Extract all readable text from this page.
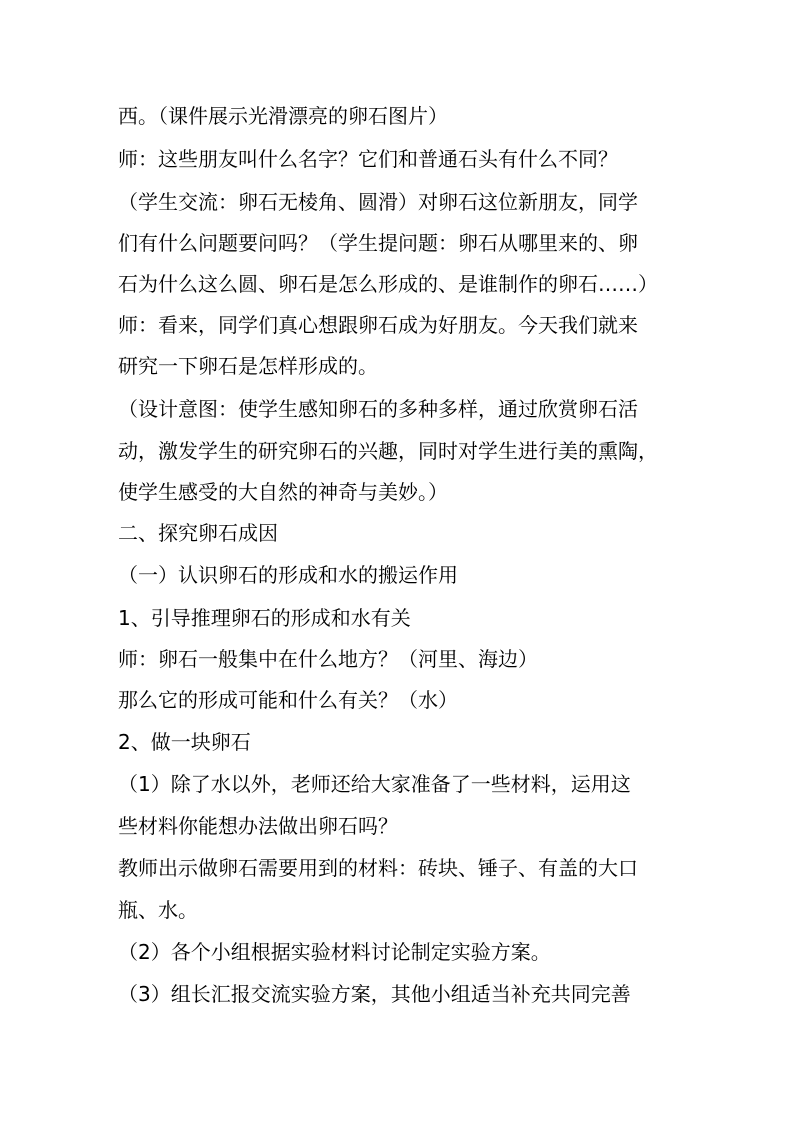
西。（课件展示光滑漂亮的卵石图片）
师：这些朋友叫什么名字？它们和普通石头有什么不同？
（学生交流：卵石无棱角、圆滑）对卵石这位新朋友，同学
们有什么问题要问吗？（学生提问题：卵石从哪里来的、卵
石为什么这么圆、卵石是怎么形成的、是谁制作的卵石……）
师：看来，同学们真心想跟卵石成为好朋友。今天我们就来
研究一下卵石是怎样形成的。
（设计意图：使学生感知卵石的多种多样，通过欣赏卵石活
动，激发学生的研究卵石的兴趣，同时对学生进行美的熏陶，
使学生感受的大自然的神奇与美妙。）
二、探究卵石成因
（一）认识卵石的形成和水的搬运作用
1、引导推理卵石的形成和水有关
师：卵石一般集中在什么地方？（河里、海边）
那么它的形成可能和什么有关？（水）
2、做一块卵石
（1）除了水以外，老师还给大家准备了一些材料，运用这
些材料你能想办法做出卵石吗？
教师出示做卵石需要用到的材料：砖块、锤子、有盖的大口
瓶、水。
（2）各个小组根据实验材料讨论制定实验方案。
（3）组长汇报交流实验方案，其他小组适当补充共同完善
